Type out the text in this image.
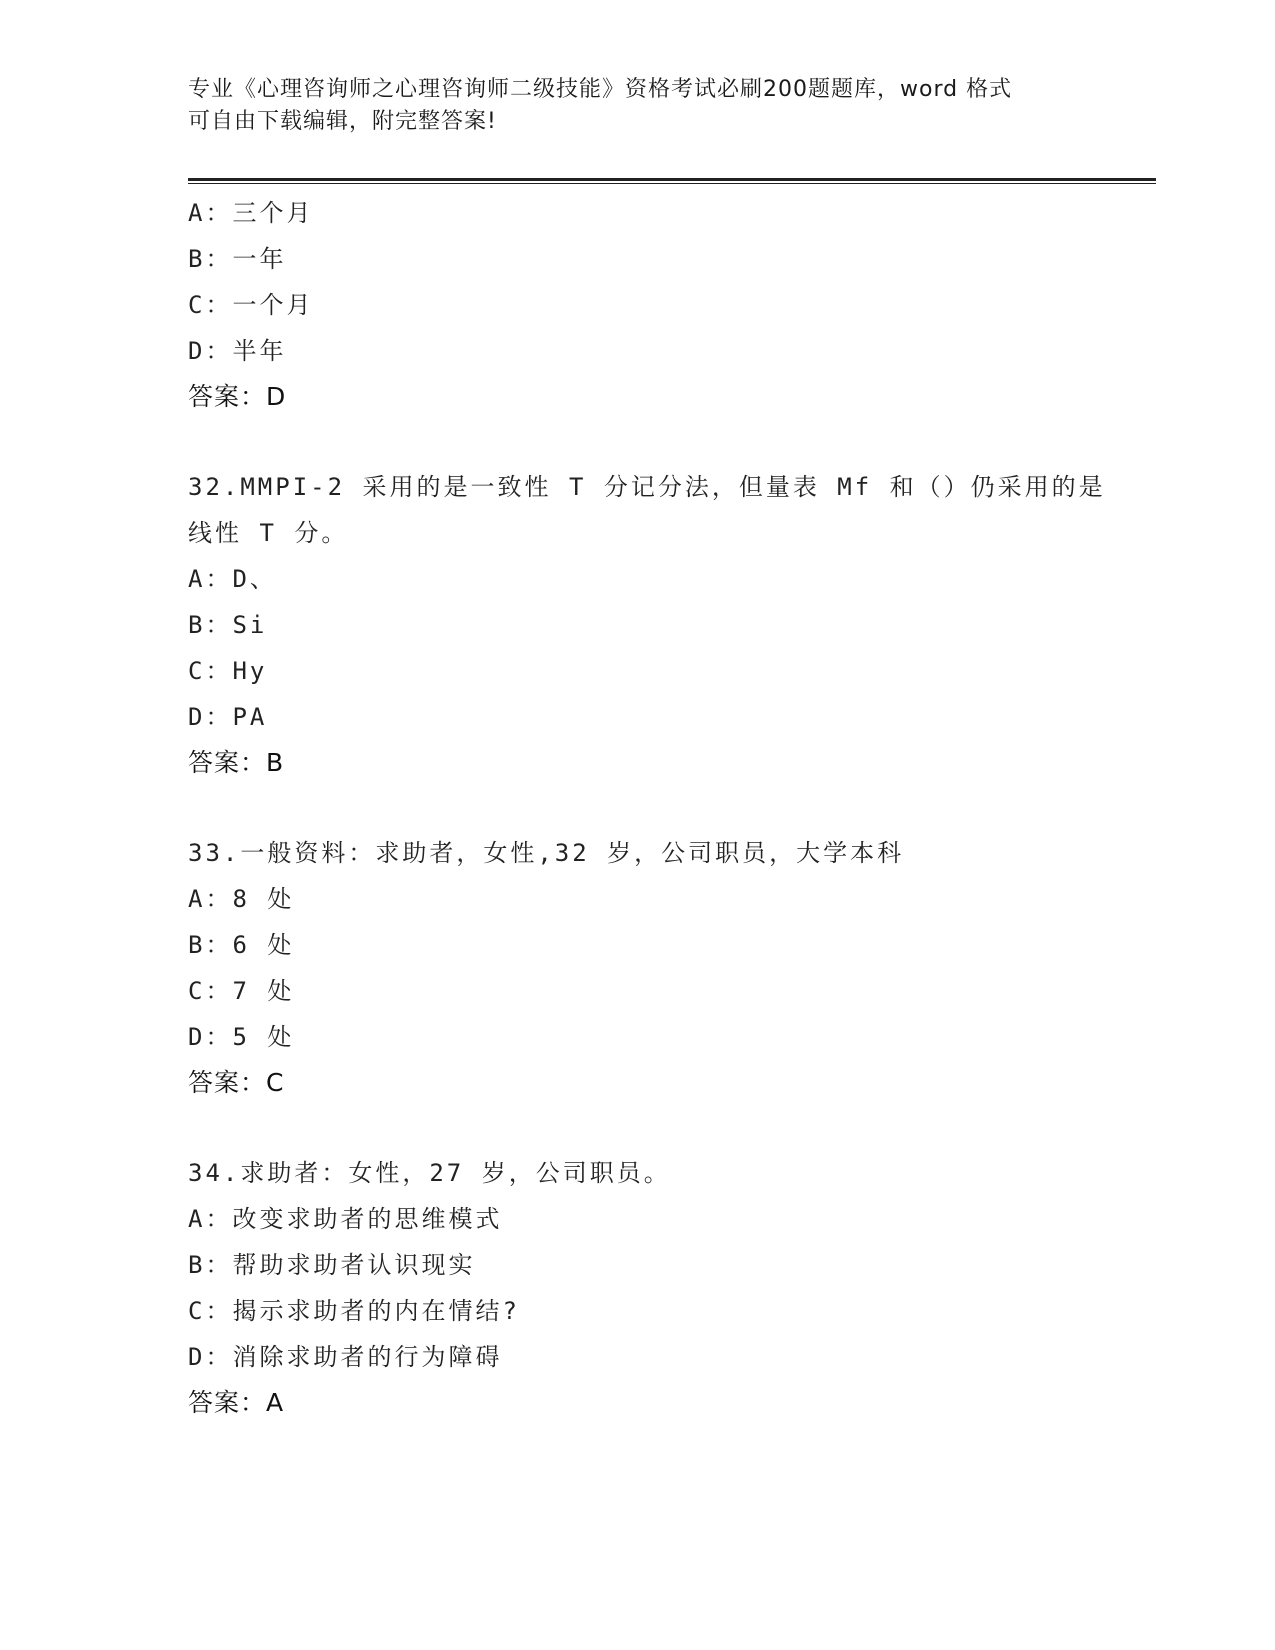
专业《心理咨询师之心理咨询师二级技能》资格考试必刷200题题库，word 格式
可自由下载编辑，附完整答案!
A：三个月
B：一年
C：一个月
D：半年
答案：D
32.MMPI-2 采用的是一致性 T 分记分法，但量表 Mf 和（）仍采用的是
线性 T 分。
A：D、
B：Si
C：Hy
D：PA
答案：B
33.一般资料：求助者，女性,32 岁，公司职员，大学本科
A：8 处
B：6 处
C：7 处
D：5 处
答案：C
34.求助者：女性，27 岁，公司职员。
A：改变求助者的思维模式
B：帮助求助者认识现实
C：揭示求助者的内在情结?
D：消除求助者的行为障碍
答案：A
